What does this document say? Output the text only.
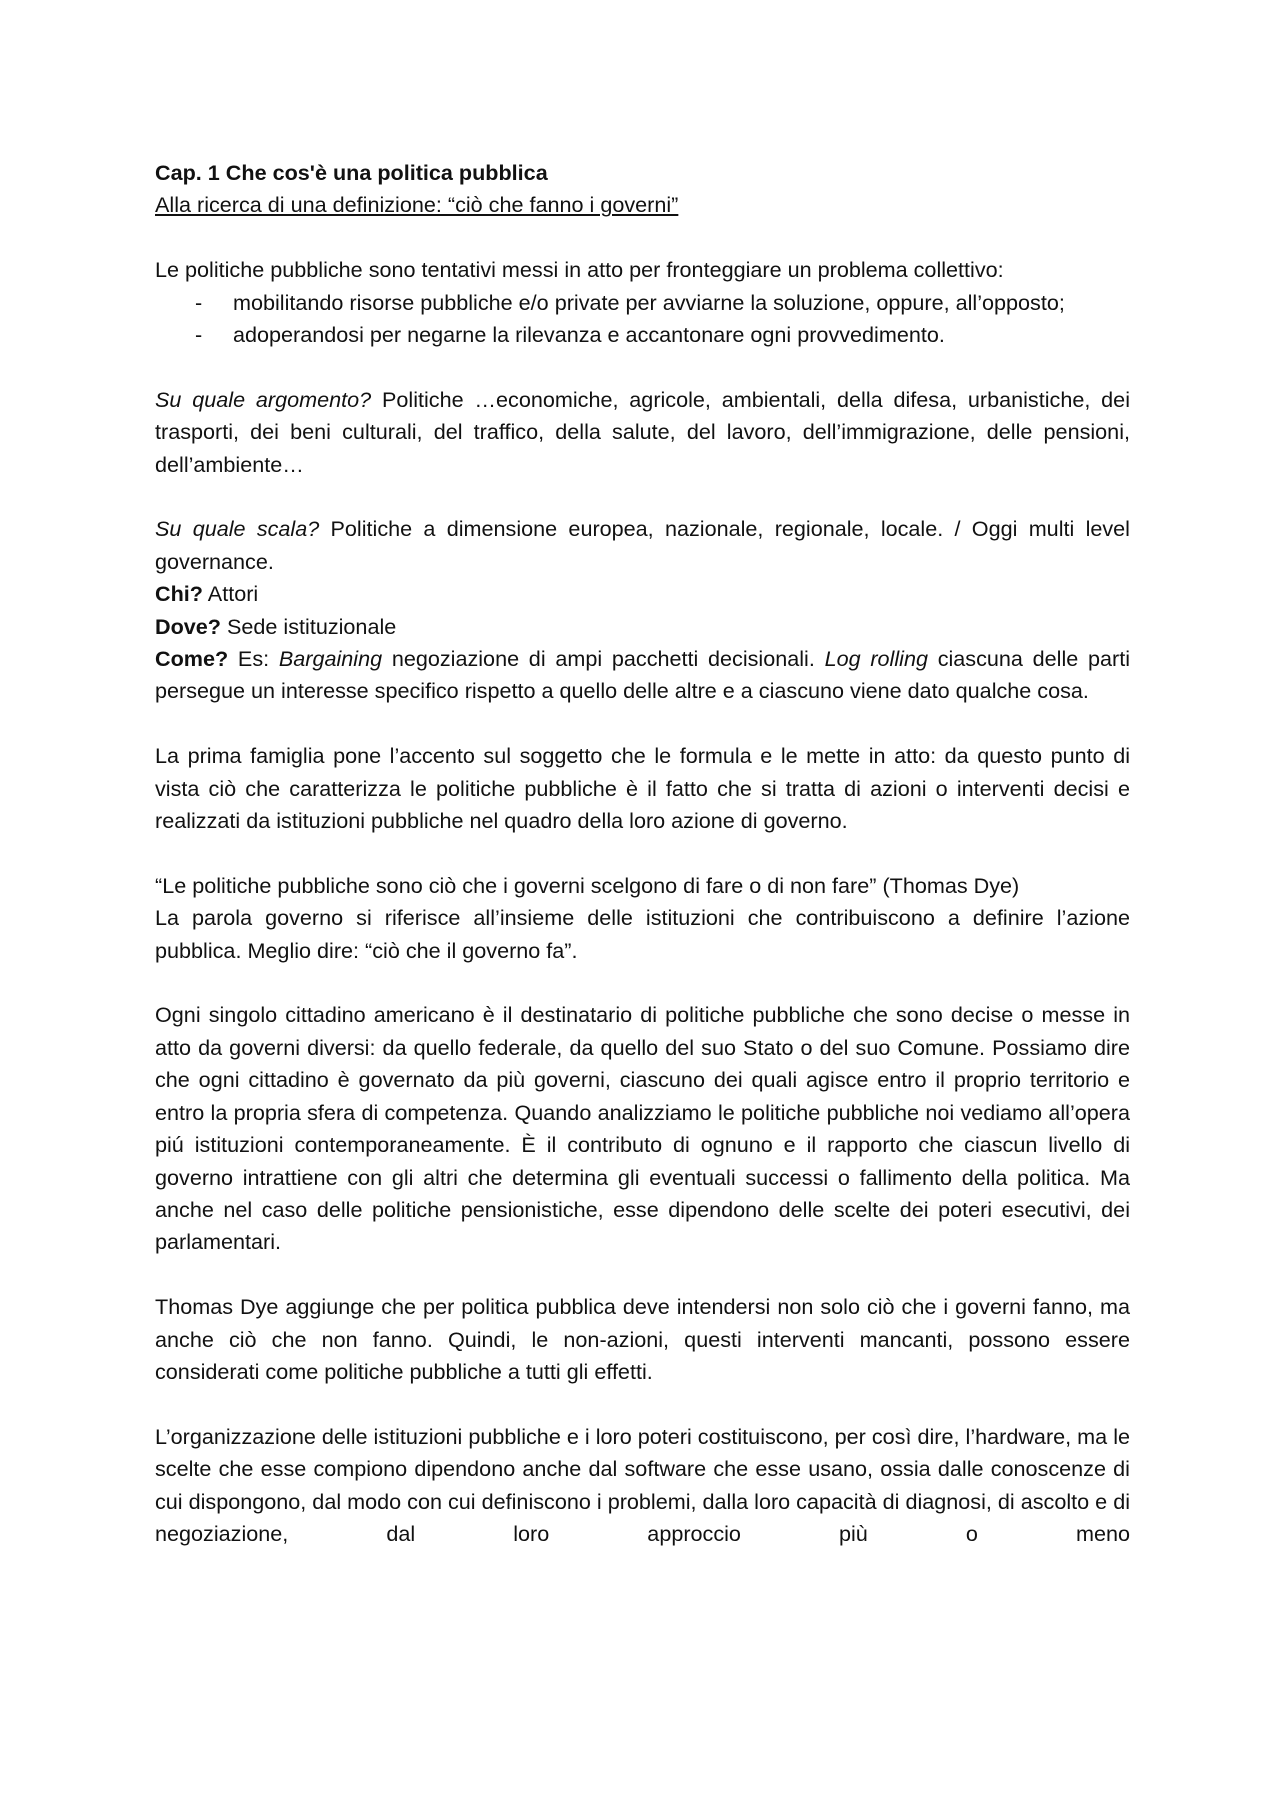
Cap. 1 Che cos'è una politica pubblica

Alla ricerca di una definizione: “ciò che fanno i governi”

Le politiche pubbliche sono tentativi messi in atto per fronteggiare un problema collettivo:

- mobilitando risorse pubbliche e/o private per avviarne la soluzione, oppure, all’opposto;
- adoperandosi per negarne la rilevanza e accantonare ogni provvedimento.

Su quale argomento? Politiche …economiche, agricole, ambientali, della difesa, urbanistiche, dei trasporti, dei beni culturali, del traffico, della salute, del lavoro, dell’immigrazione, delle pensioni, dell’ambiente…

Su quale scala? Politiche a dimensione europea, nazionale, regionale, locale. / Oggi multi level governance.

Chi? Attori

Dove? Sede istituzionale

Come? Es: Bargaining negoziazione di ampi pacchetti decisionali. Log rolling ciascuna delle parti persegue un interesse specifico rispetto a quello delle altre e a ciascuno viene dato qualche cosa.

La prima famiglia pone l’accento sul soggetto che le formula e le mette in atto: da questo punto di vista ciò che caratterizza le politiche pubbliche è il fatto che si tratta di azioni o interventi decisi e realizzati da istituzioni pubbliche nel quadro della loro azione di governo.

“Le politiche pubbliche sono ciò che i governi scelgono di fare o di non fare” (Thomas Dye)

La parola governo si riferisce all’insieme delle istituzioni che contribuiscono a definire l’azione pubblica. Meglio dire: “ciò che il governo fa”.

Ogni singolo cittadino americano è il destinatario di politiche pubbliche che sono decise o messe in atto da governi diversi: da quello federale, da quello del suo Stato o del suo Comune. Possiamo dire che ogni cittadino è governato da più governi, ciascuno dei quali agisce entro il proprio territorio e entro la propria sfera di competenza. Quando analizziamo le politiche pubbliche noi vediamo all’opera piú istituzioni contemporaneamente. È il contributo di ognuno e il rapporto che ciascun livello di governo intrattiene con gli altri che determina gli eventuali successi o fallimento della politica. Ma anche nel caso delle politiche pensionistiche, esse dipendono delle scelte dei poteri esecutivi, dei parlamentari.

Thomas Dye aggiunge che per politica pubblica deve intendersi non solo ciò che i governi fanno, ma anche ciò che non fanno. Quindi, le non-azioni, questi interventi mancanti, possono essere considerati come politiche pubbliche a tutti gli effetti.

L’organizzazione delle istituzioni pubbliche e i loro poteri costituiscono, per così dire, l’hardware, ma le scelte che esse compiono dipendono anche dal software che esse usano, ossia dalle conoscenze di cui dispongono, dal modo con cui definiscono i problemi, dalla loro capacità di diagnosi, di ascolto e di negoziazione, dal loro approccio più o meno
